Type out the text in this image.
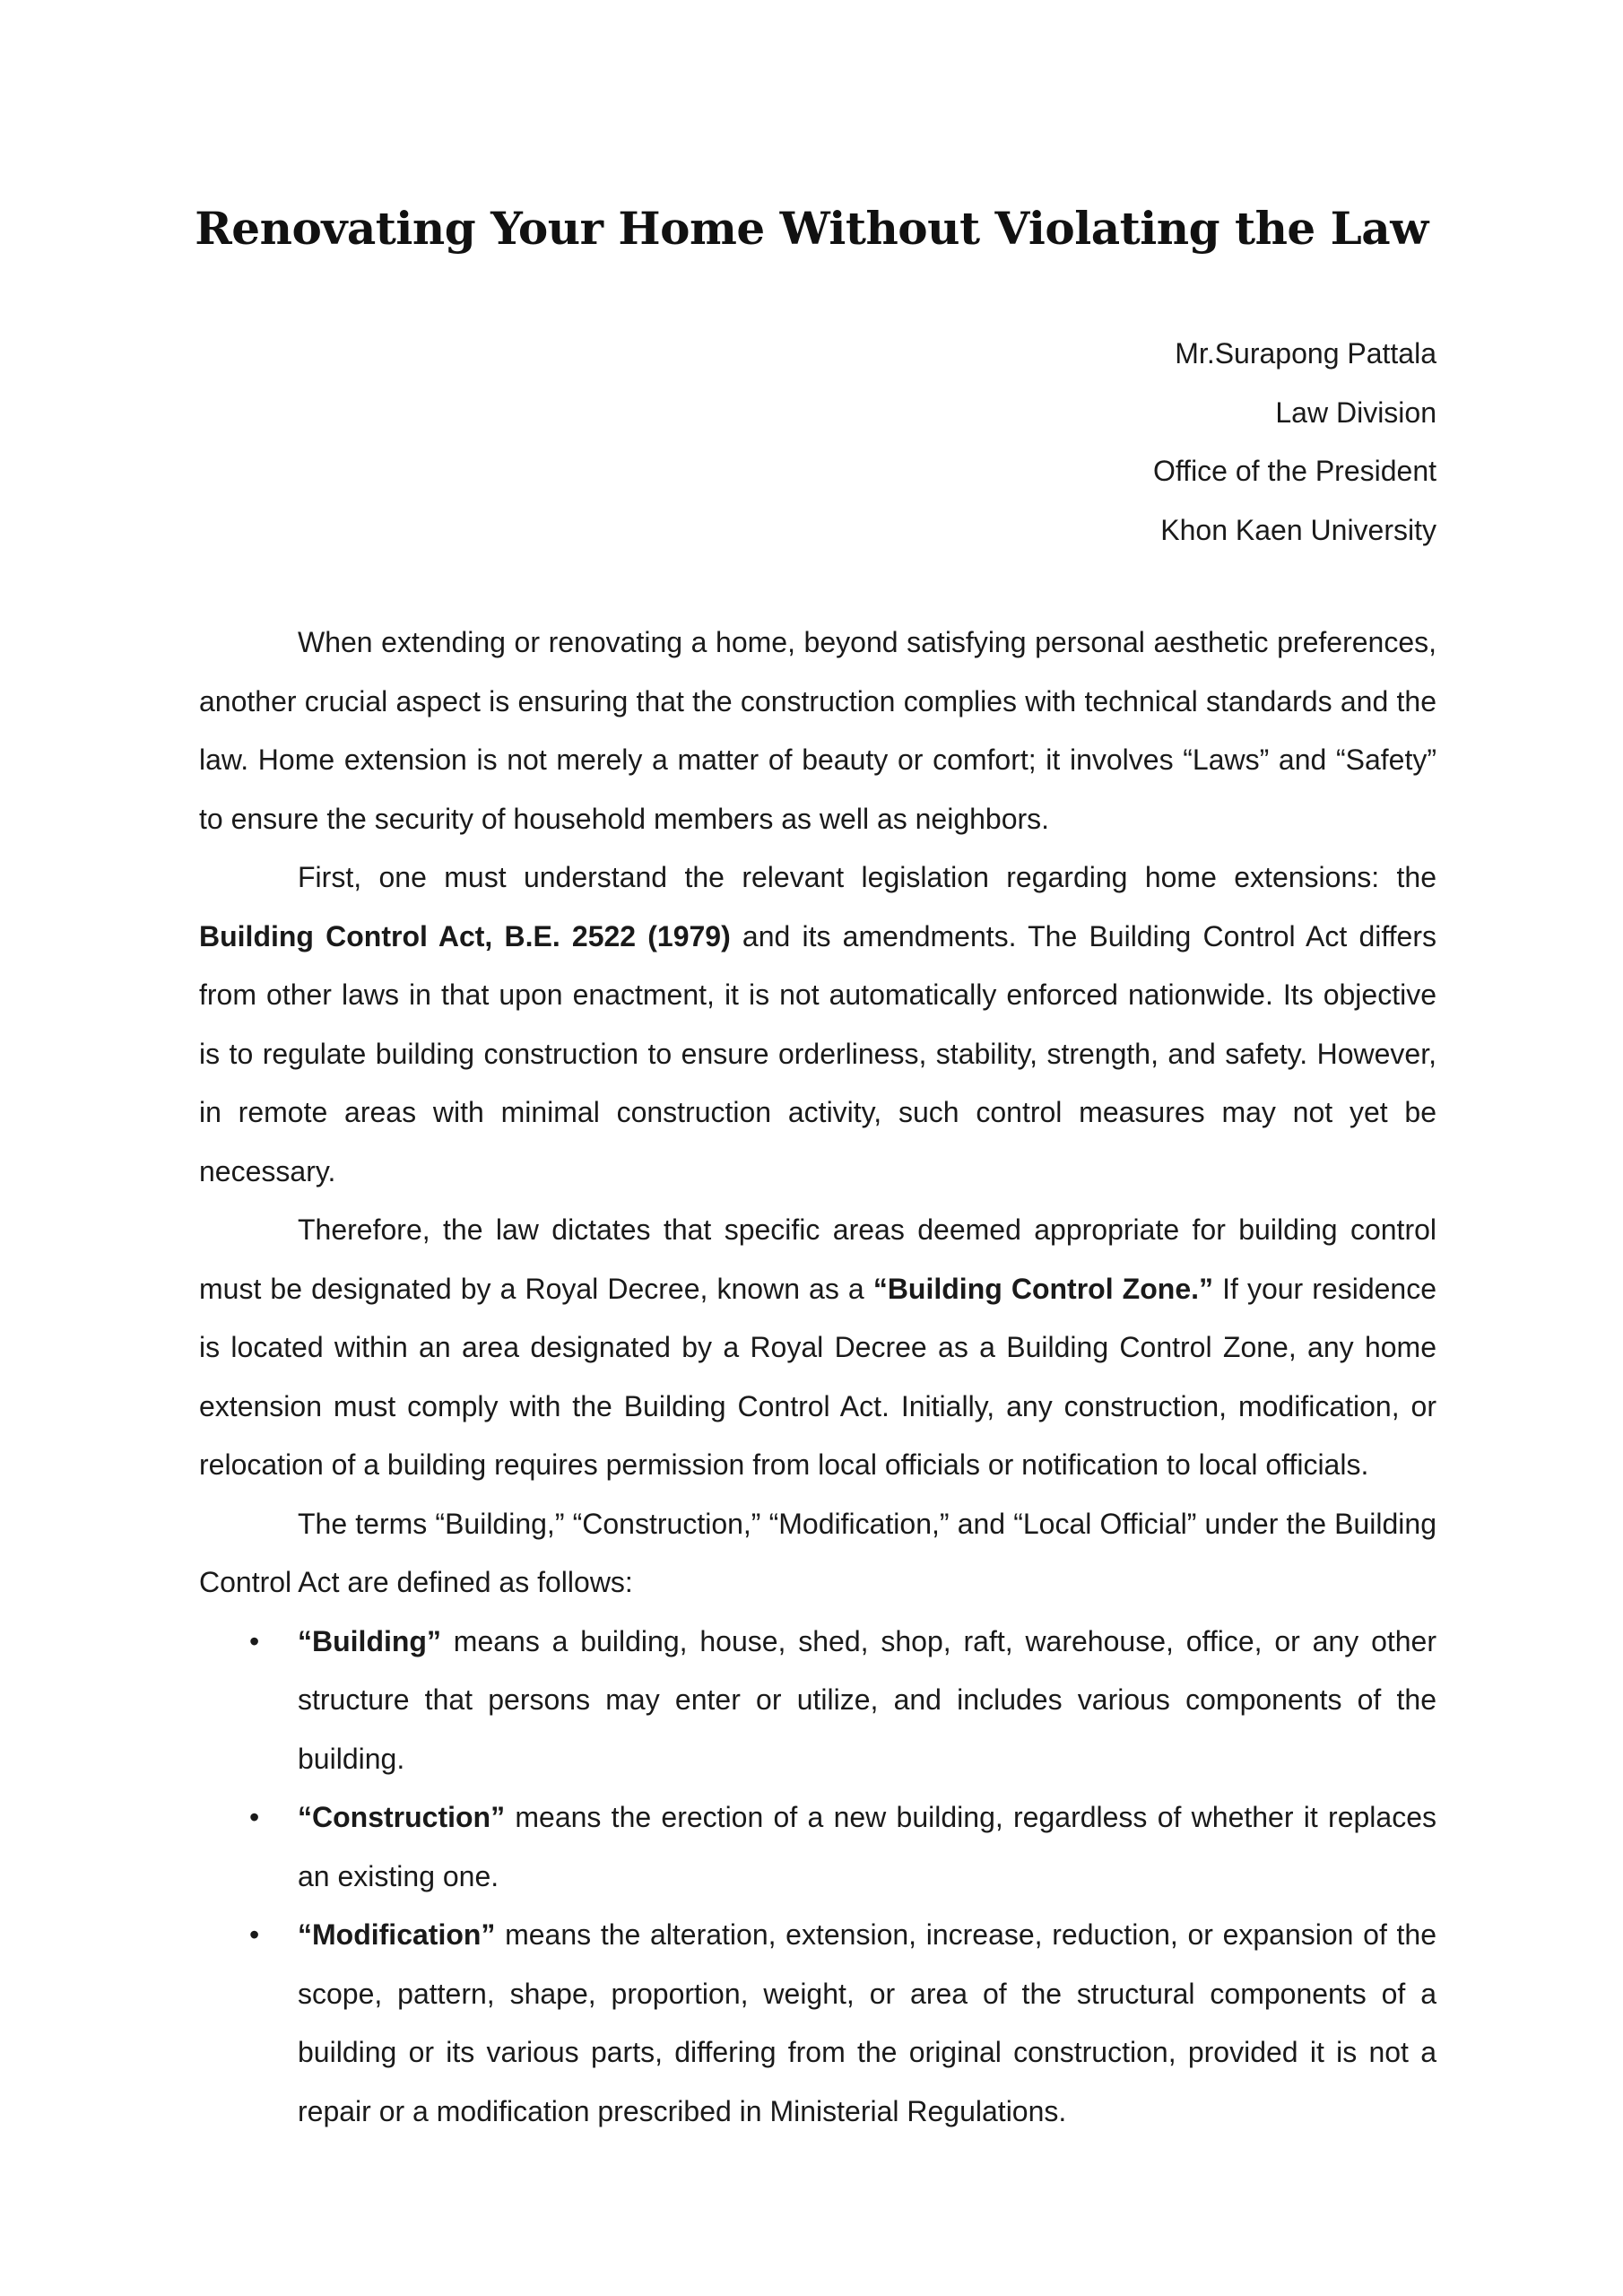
Renovating Your Home Without Violating the Law
Mr.Surapong Pattala
Law Division
Office of the President
Khon Kaen University

When extending or renovating a home, beyond satisfying personal aesthetic preferences, another crucial aspect is ensuring that the construction complies with technical standards and the law. Home extension is not merely a matter of beauty or comfort; it involves “Laws” and “Safety” to ensure the security of household members as well as neighbors.

First, one must understand the relevant legislation regarding home extensions: the Building Control Act, B.E. 2522 (1979) and its amendments. The Building Control Act differs from other laws in that upon enactment, it is not automatically enforced nationwide. Its objective is to regulate building construction to ensure orderliness, stability, strength, and safety. However, in remote areas with minimal construction activity, such control measures may not yet be necessary.

Therefore, the law dictates that specific areas deemed appropriate for building control must be designated by a Royal Decree, known as a “Building Control Zone.” If your residence is located within an area designated by a Royal Decree as a Building Control Zone, any home extension must comply with the Building Control Act. Initially, any construction, modification, or relocation of a building requires permission from local officials or notification to local officials.

The terms “Building,” “Construction,” “Modification,” and “Local Official” under the Building Control Act are defined as follows:

• “Building” means a building, house, shed, shop, raft, warehouse, office, or any other structure that persons may enter or utilize, and includes various components of the building.
• “Construction” means the erection of a new building, regardless of whether it replaces an existing one.
• “Modification” means the alteration, extension, increase, reduction, or expansion of the scope, pattern, shape, proportion, weight, or area of the structural components of a building or its various parts, differing from the original construction, provided it is not a repair or a modification prescribed in Ministerial Regulations.
